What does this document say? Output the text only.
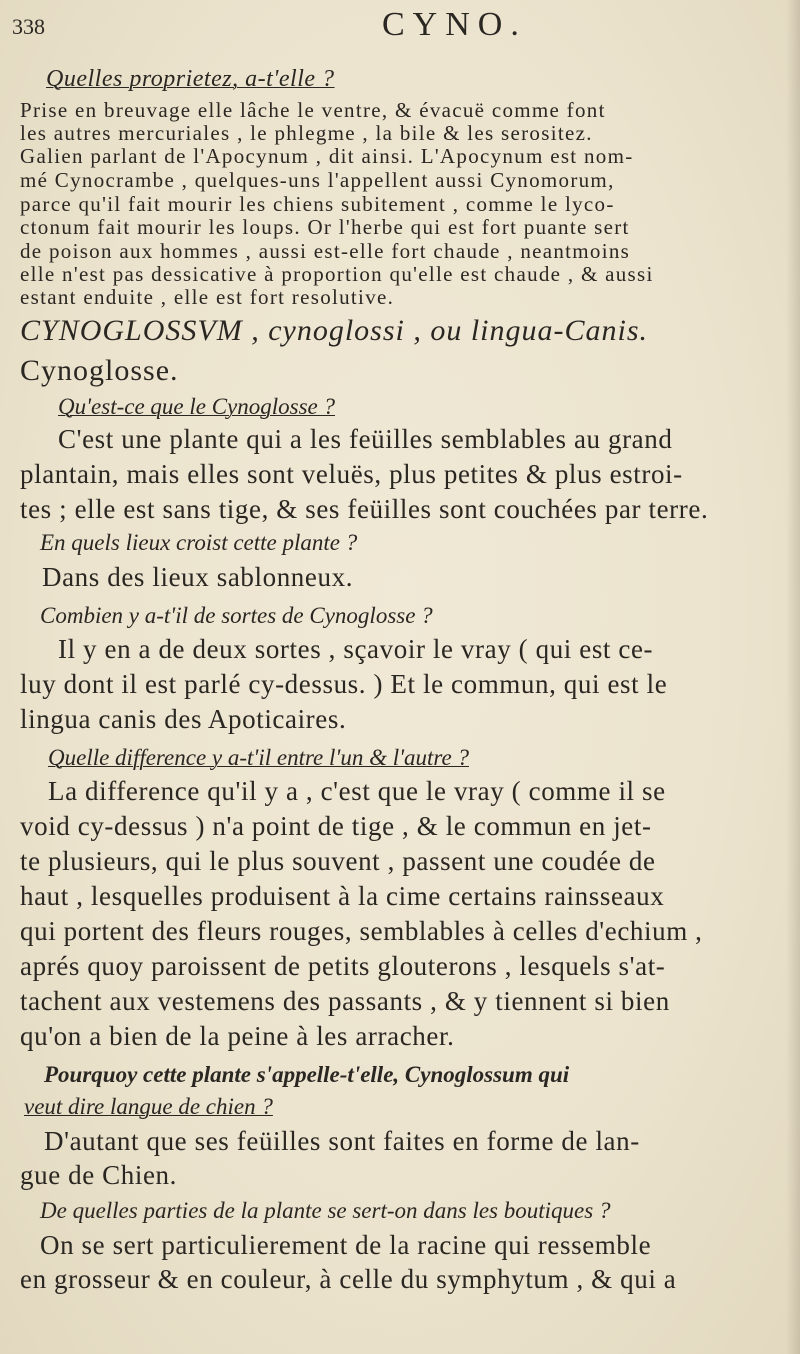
338	CYNO.
Quelles proprietez, a-t'elle ?
Prise en breuvage elle lâche le ventre, & évacuë comme font
les autres mercuriales , le phlegme , la bile & les serositez.
Galien parlant de l'Apocynum , dit ainsi. L'Apocynum est nom-
mé Cynocrambe , quelques-uns l'appellent aussi Cynomorum,
parce qu'il fait mourir les chiens subitement , comme le lyco-
ctonum fait mourir les loups. Or l'herbe qui est fort puante sert
de poison aux hommes , aussi est-elle fort chaude , neantmoins
elle n'est pas dessicative à proportion qu'elle est chaude , & aussi
estant enduite , elle est fort resolutive.
CYNOGLOSSVM , cynoglossi , ou lingua-Canis.
Cynoglosse.
Qu'est-ce que le Cynoglosse ?
C'est une plante qui a les feüilles semblables au grand
plantain, mais elles sont veluës, plus petites & plus estroi-
tes ; elle est sans tige, & ses feüilles sont couchées par terre.
En quels lieux croist cette plante ?
Dans des lieux sablonneux.
Combien y a-t'il de sortes de Cynoglosse ?
Il y en a de deux sortes , sçavoir le vray ( qui est ce-
luy dont il est parlé cy-dessus. ) Et le commun, qui est le
lingua canis des Apoticaires.
Quelle difference y a-t'il entre l'un & l'autre ?
La difference qu'il y a , c'est que le vray ( comme il se
void cy-dessus ) n'a point de tige , & le commun en jet-
te plusieurs, qui le plus souvent , passent une coudée de
haut , lesquelles produisent à la cime certains rainsseaux
qui portent des fleurs rouges, semblables à celles d'echium ,
aprés quoy paroissent de petits glouterons , lesquels s'at-
tachent aux vestemens des passants , & y tiennent si bien
qu'on a bien de la peine à les arracher.
Pourquoy cette plante s'appelle-t'elle, Cynoglossum qui
veut dire langue de chien ?
D'autant que ses feüilles sont faites en forme de lan-
gue de Chien.
De quelles parties de la plante se sert-on dans les boutiques ?
On se sert particulierement de la racine qui ressemble
en grosseur & en couleur, à celle du symphytum , & qui a
